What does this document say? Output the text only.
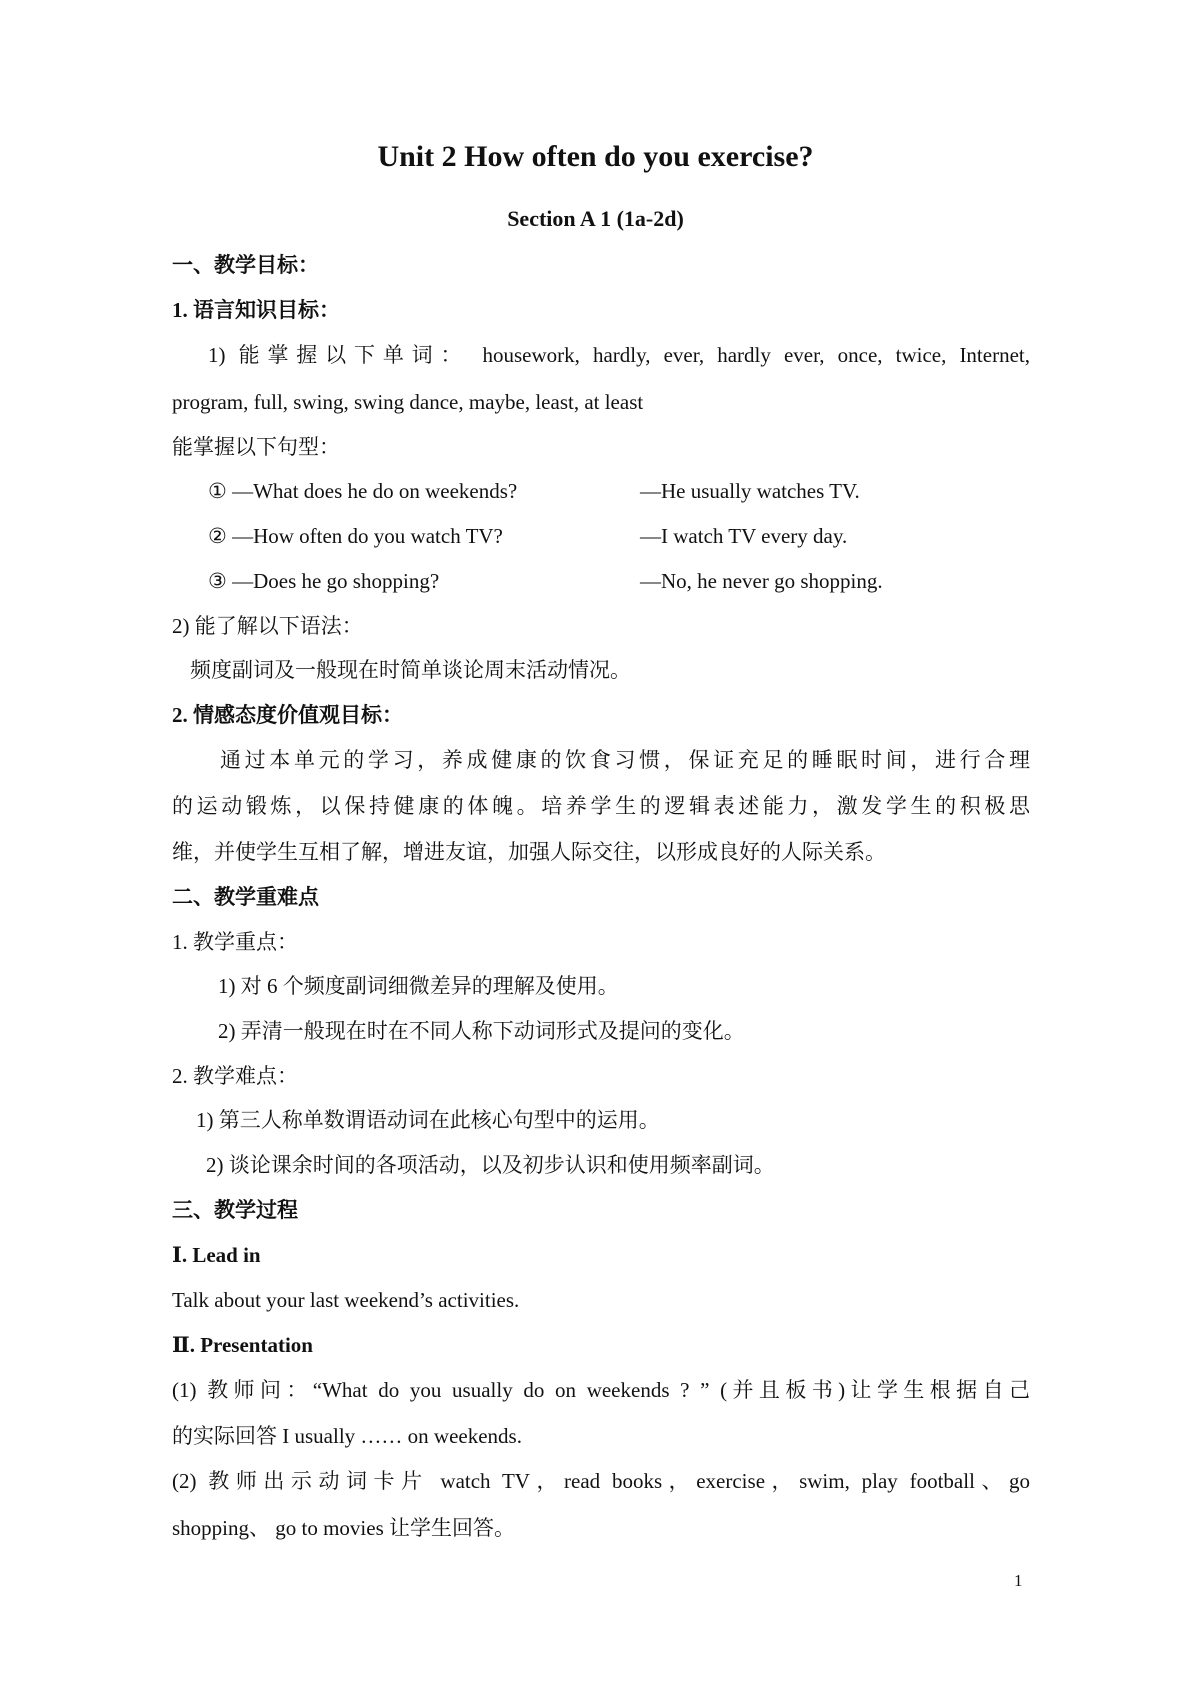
Unit 2 How often do you exercise?
Section A 1 (1a-2d)
一、教学目标：
1. 语言知识目标：
1) 能掌握以下单词： housework, hardly, ever, hardly ever, once, twice, Internet,
program, full, swing, swing dance, maybe, least, at least
能掌握以下句型：
① —What does he do on weekends?	—He usually watches TV.
② —How often do you watch TV?	—I watch TV every day.
③ —Does he go shopping?	—No, he never go shopping.
2) 能了解以下语法：
频度副词及一般现在时简单谈论周末活动情况。
2. 情感态度价值观目标：
通过本单元的学习，养成健康的饮食习惯，保证充足的睡眠时间，进行合理
的运动锻炼，以保持健康的体魄。培养学生的逻辑表述能力，激发学生的积极思
维，并使学生互相了解，增进友谊，加强人际交往，以形成良好的人际关系。
二、教学重难点
1. 教学重点：
1) 对 6 个频度副词细微差异的理解及使用。
2) 弄清一般现在时在不同人称下动词形式及提问的变化。
2. 教学难点：
1) 第三人称单数谓语动词在此核心句型中的运用。
2) 谈论课余时间的各项活动，以及初步认识和使用频率副词。
三、教学过程
Ⅰ. Lead in
Talk about your last weekend’s activities.
Ⅱ. Presentation
(1) 教师问：“What do you usually do on weekends ? ” (并且板书)让学生根据自己
的实际回答 I usually …… on weekends.
(2) 教师出示动词卡片 watch TV，read books，exercise，swim, play football、go
shopping、 go to movies 让学生回答。
1
